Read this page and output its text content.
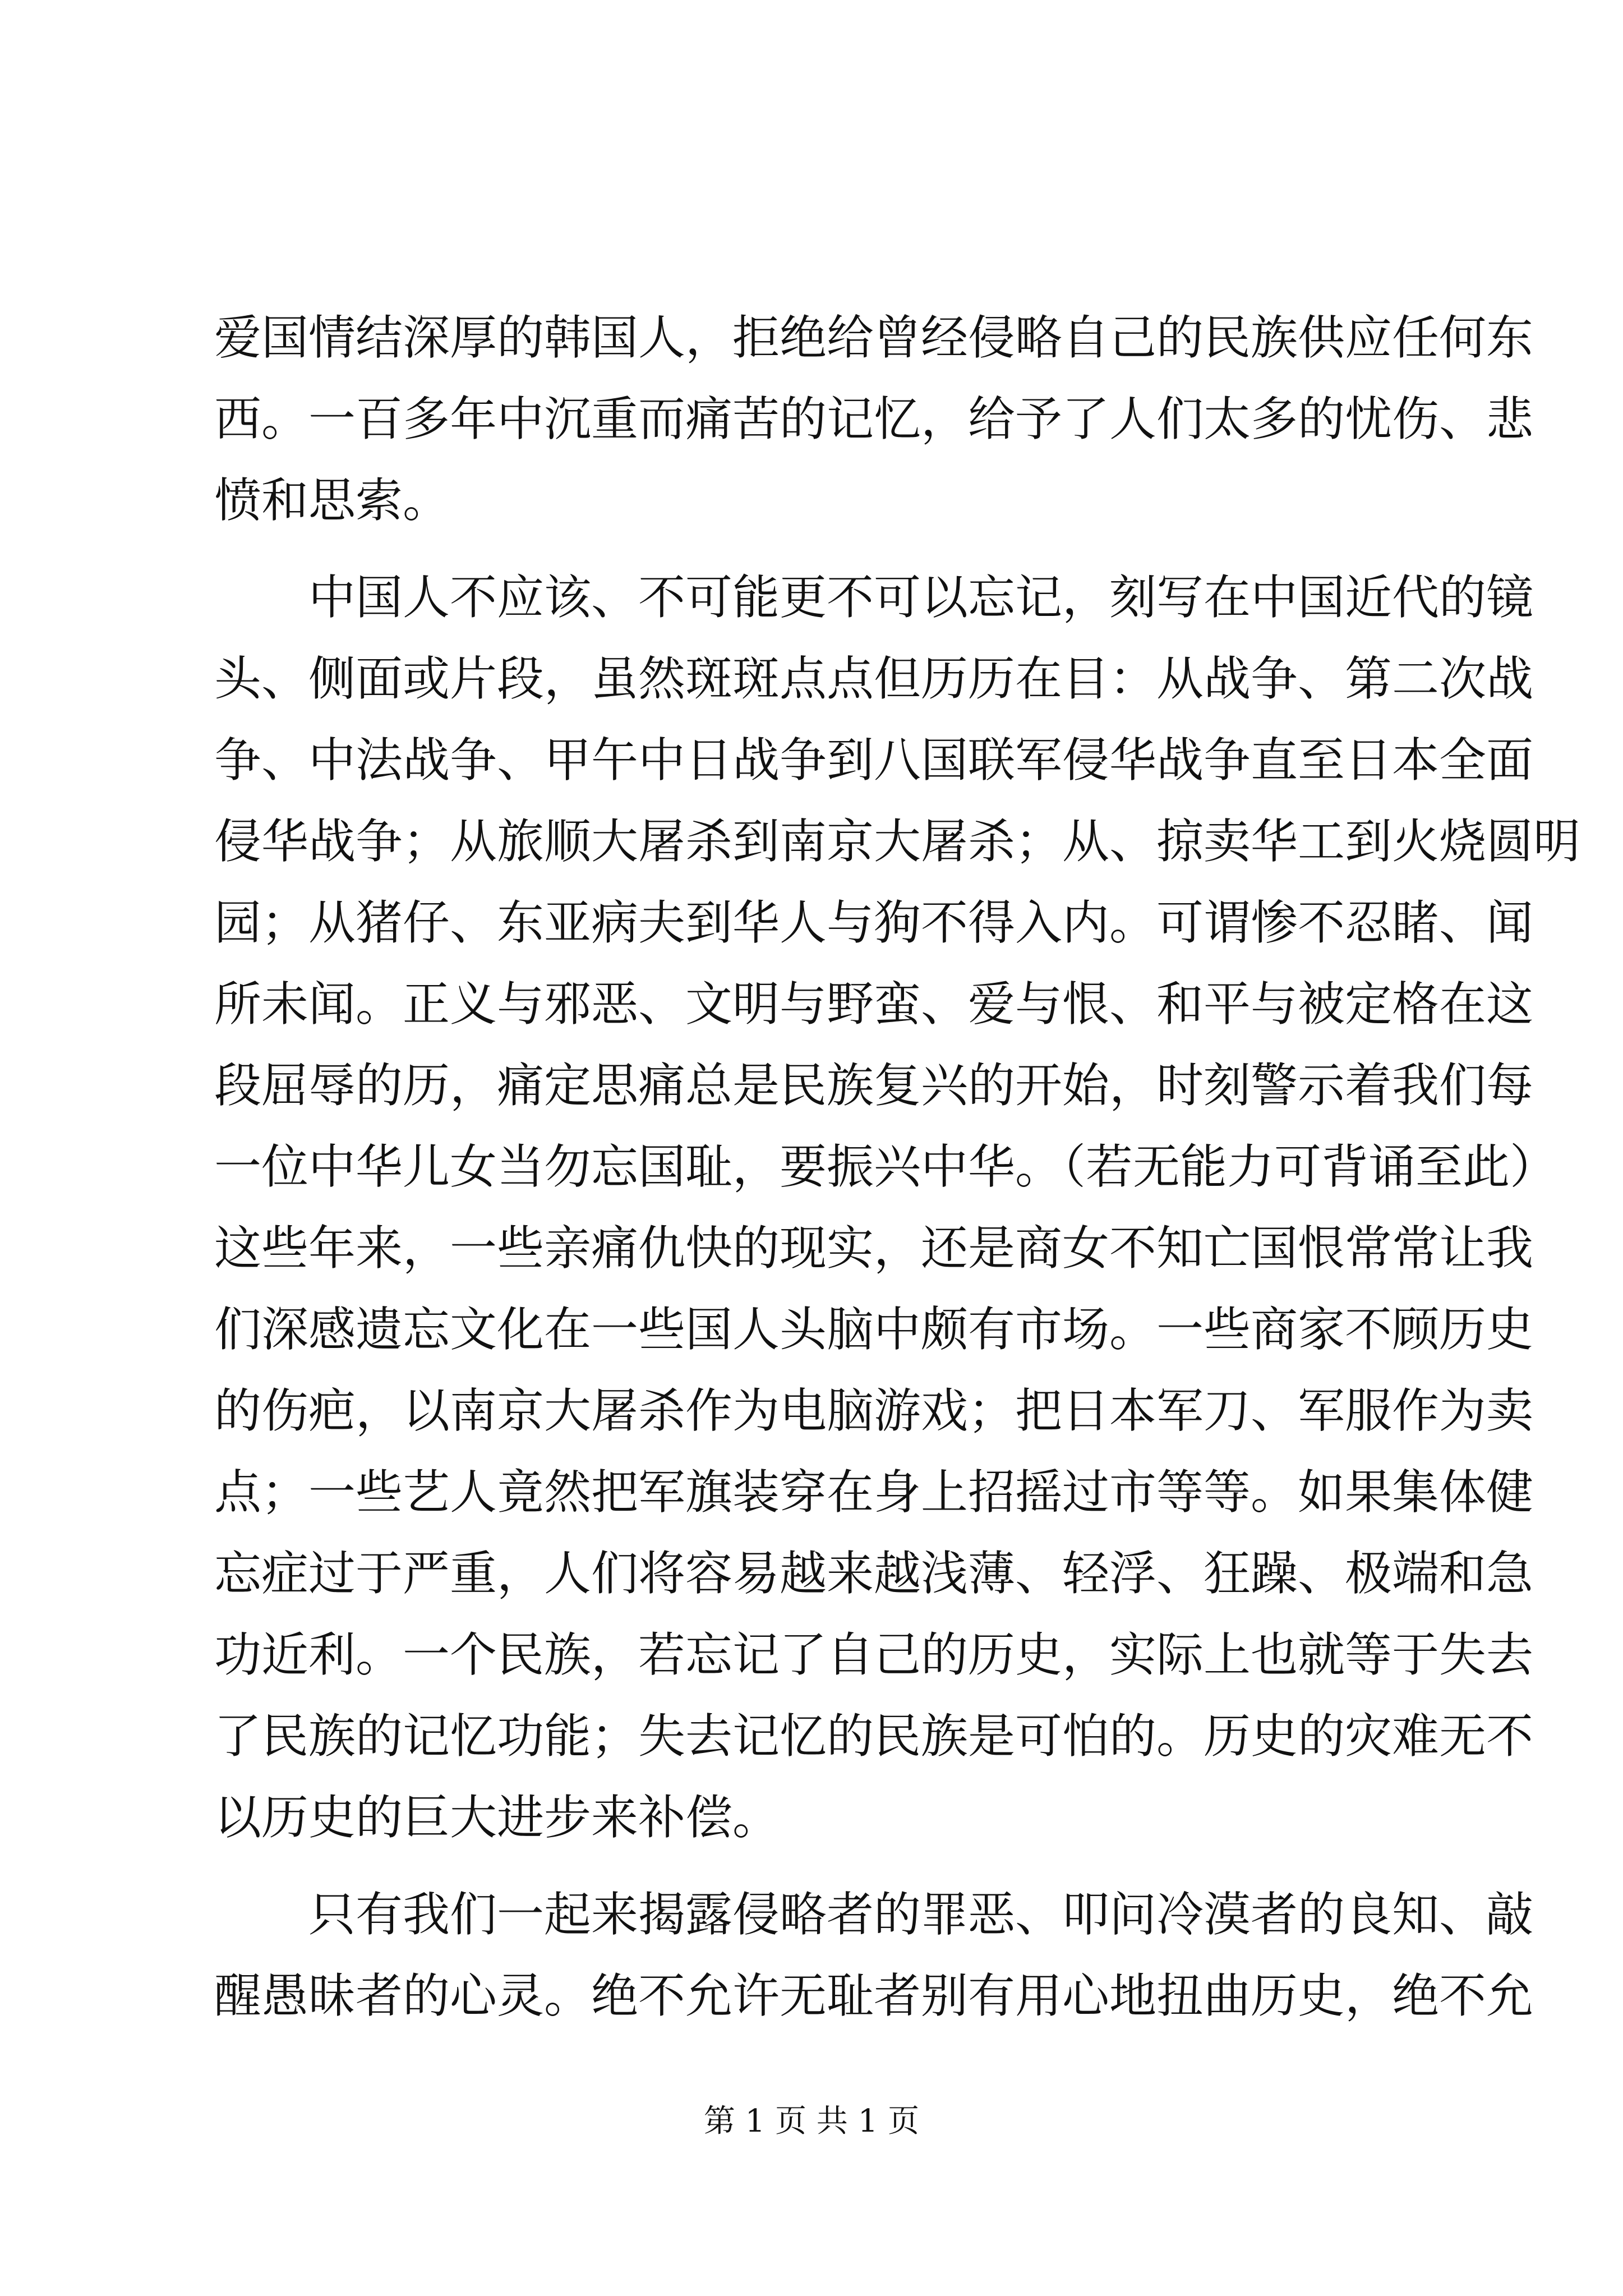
爱国情结深厚的韩国人，拒绝给曾经侵略自己的民族供应任何东
西。一百多年中沉重而痛苦的记忆，给予了人们太多的忧伤、悲
愤和思索。
　　中国人不应该、不可能更不可以忘记，刻写在中国近代的镜
头、侧面或片段，虽然斑斑点点但历历在目：从战争、第二次战
争、中法战争、甲午中日战争到八国联军侵华战争直至日本全面
侵华战争；从旅顺大屠杀到南京大屠杀；从、掠卖华工到火烧圆明
园；从猪仔、东亚病夫到华人与狗不得入内。可谓惨不忍睹、闻
所未闻。正义与邪恶、文明与野蛮、爱与恨、和平与被定格在这
段屈辱的历，痛定思痛总是民族复兴的开始，时刻警示着我们每
一位中华儿女当勿忘国耻，要振兴中华。（若无能力可背诵至此）
这些年来，一些亲痛仇快的现实，还是商女不知亡国恨常常让我
们深感遗忘文化在一些国人头脑中颇有市场。一些商家不顾历史
的伤疤，以南京大屠杀作为电脑游戏；把日本军刀、军服作为卖
点；一些艺人竟然把军旗装穿在身上招摇过市等等。如果集体健
忘症过于严重，人们将容易越来越浅薄、轻浮、狂躁、极端和急
功近利。一个民族，若忘记了自己的历史，实际上也就等于失去
了民族的记忆功能；失去记忆的民族是可怕的。历史的灾难无不
以历史的巨大进步来补偿。
　　只有我们一起来揭露侵略者的罪恶、叩问冷漠者的良知、敲
醒愚昧者的心灵。绝不允许无耻者别有用心地扭曲历史，绝不允
第 1 页 共 1 页
